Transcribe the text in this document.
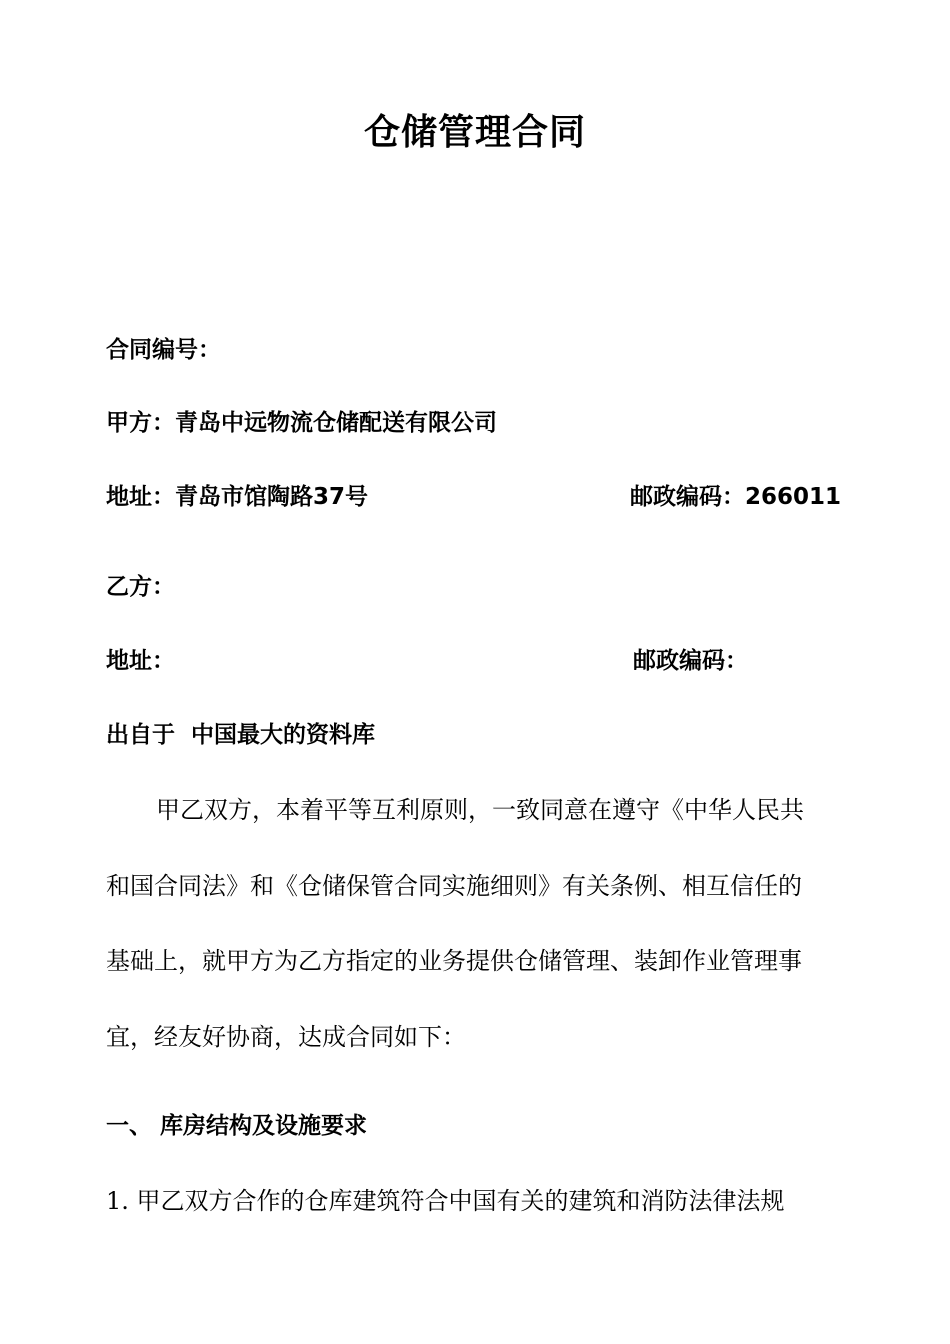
仓储管理合同
合同编号：
甲方：青岛中远物流仓储配送有限公司
地址：青岛市馆陶路37号	邮政编码：266011
乙方：
地址：	邮政编码：
出自于  中国最大的资料库
甲乙双方，本着平等互利原则，一致同意在遵守《中华人民共
和国合同法》和《仓储保管合同实施细则》有关条例、相互信任的
基础上，就甲方为乙方指定的业务提供仓储管理、装卸作业管理事
宜，经友好协商，达成合同如下：
一、 库房结构及设施要求
1. 甲乙双方合作的仓库建筑符合中国有关的建筑和消防法律法规
